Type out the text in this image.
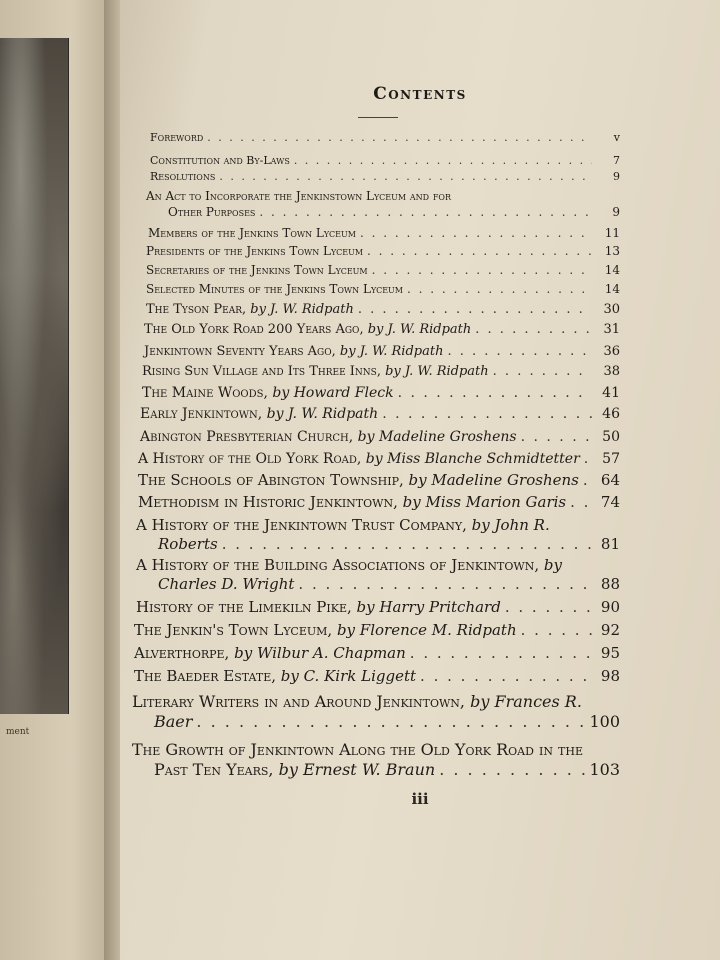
ment
Contents
Foreword . . .	v
Constitution and By-Laws . . .	7
Resolutions . . .	9
An Act to Incorporate the Jenkinstown Lyceum and for
Other Purposes . . .	9
Members of the Jenkins Town Lyceum . . .	11
Presidents of the Jenkins Town Lyceum . . .	13
Secretaries of the Jenkins Town Lyceum . . .	14
Selected Minutes of the Jenkins Town Lyceum . . .	14
The Tyson Pear, by J. W. Ridpath . . .	30
The Old York Road 200 Years Ago, by J. W. Ridpath . . .	31
Jenkintown Seventy Years Ago, by J. W. Ridpath . . .	36
Rising Sun Village and Its Three Inns, by J. W. Ridpath . . .	38
The Maine Woods, by Howard Fleck . . .	41
Early Jenkintown, by J. W. Ridpath . . .	46
Abington Presbyterian Church, by Madeline Groshens . . .	50
A History of the Old York Road, by Miss Blanche Schmidtetter . . .	57
The Schools of Abington Township, by Madeline Groshens . . .	64
Methodism in Historic Jenkintown, by Miss Marion Garis . . .	74
A History of the Jenkintown Trust Company, by John R.
Roberts . . .	81
A History of the Building Associations of Jenkintown, by
Charles D. Wright . . .	88
History of the Limekiln Pike, by Harry Pritchard . . .	90
The Jenkin's Town Lyceum, by Florence M. Ridpath . . .	92
Alverthorpe, by Wilbur A. Chapman . . .	95
The Baeder Estate, by C. Kirk Liggett . . .	98
Literary Writers in and Around Jenkintown, by Frances R.
Baer . . .	100
The Growth of Jenkintown Along the Old York Road in the
Past Ten Years, by Ernest W. Braun . . .	103
iii
